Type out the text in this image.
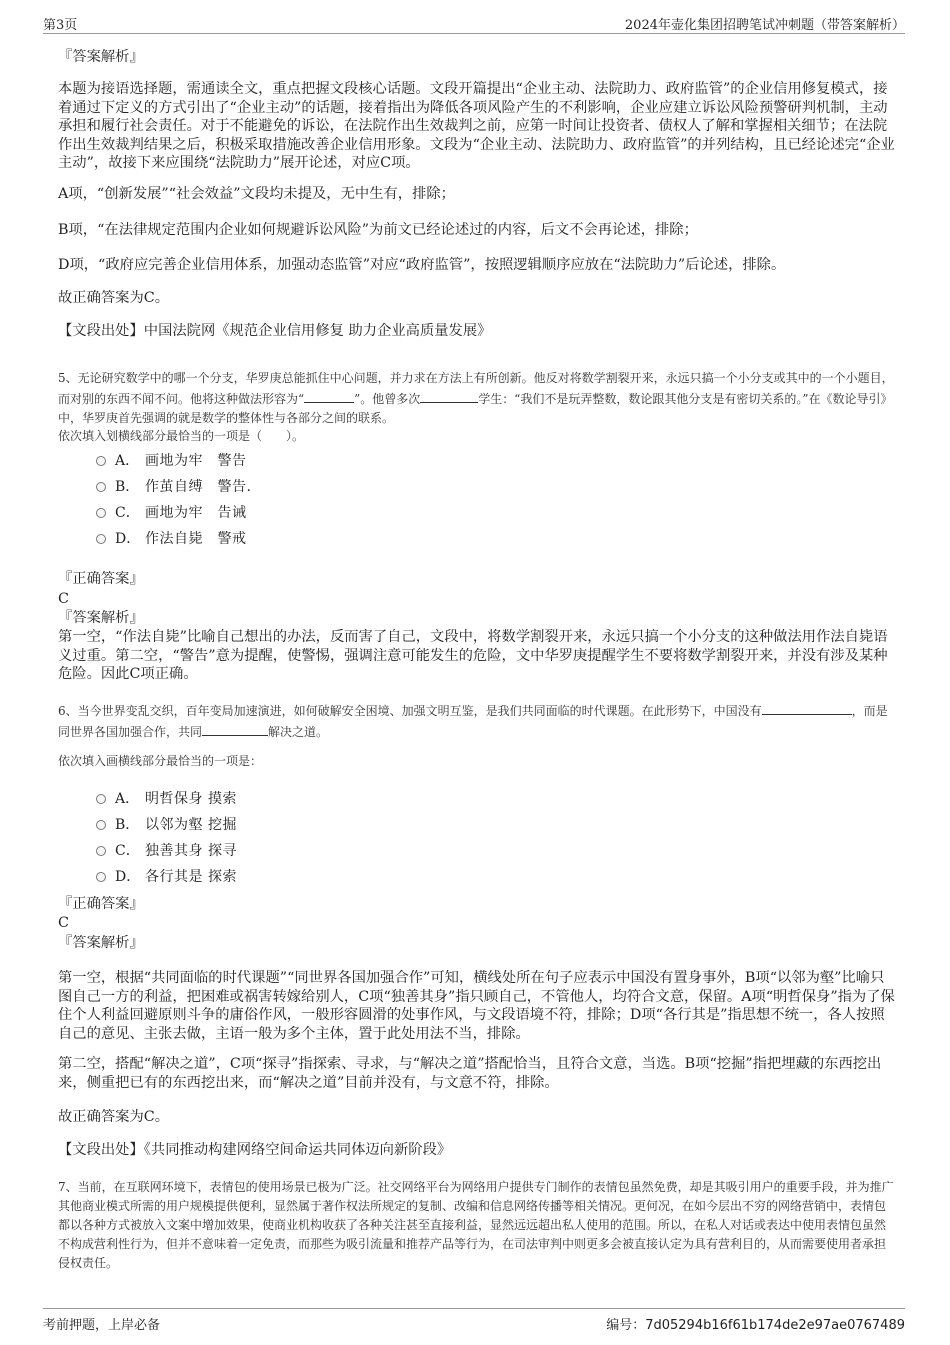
第3页	2024年壶化集团招聘笔试冲刺题（带答案解析）
『答案解析』
本题为接语选择题，需通读全文，重点把握文段核心话题。文段开篇提出“企业主动、法院助力、政府监管”的企业信用修复模式，接着通过下定义的方式引出了“企业主动”的话题，接着指出为降低各项风险产生的不利影响，企业应建立诉讼风险预警研判机制，主动承担和履行社会责任。对于不能避免的诉讼，在法院作出生效裁判之前，应第一时间让投资者、债权人了解和掌握相关细节；在法院作出生效裁判结果之后，积极采取措施改善企业信用形象。文段为“企业主动、法院助力、政府监管”的并列结构，且已经论述完“企业主动”，故接下来应围绕“法院助力”展开论述，对应C项。
A项，“创新发展”“社会效益”文段均未提及，无中生有，排除；
B项，“在法律规定范围内企业如何规避诉讼风险”为前文已经论述过的内容，后文不会再论述，排除；
D项，“政府应完善企业信用体系，加强动态监管”对应“政府监管”，按照逻辑顺序应放在“法院助力”后论述，排除。
故正确答案为C。
【文段出处】中国法院网《规范企业信用修复 助力企业高质量发展》
5、无论研究数学中的哪一个分支，华罗庚总能抓住中心问题，并力求在方法上有所创新。他反对将数学割裂开来，永远只搞一个小分支或其中的一个小题目，而对别的东西不闻不问。他将这种做法形容为“	”。他曾多次	学生：“我们不是玩弄整数，数论跟其他分支是有密切关系的。”在《数论导引》中，华罗庚首先强调的就是数学的整体性与各部分之间的联系。
依次填入划横线部分最恰当的一项是（　　）。
A． 画地为牢　警告
B． 作茧自缚　警告.
C． 画地为牢　告诫
D． 作法自毙　警戒
『正确答案』
C
『答案解析』
第一空，“作法自毙”比喻自己想出的办法，反而害了自己，文段中，将数学割裂开来，永远只搞一个小分支的这种做法用作法自毙语义过重。第二空，“警告”意为提醒，使警惕，强调注意可能发生的危险，文中华罗庚提醒学生不要将数学割裂开来，并没有涉及某种危险。因此C项正确。
6、当今世界变乱交织，百年变局加速演进，如何破解安全困境、加强文明互鉴，是我们共同面临的时代课题。在此形势下，中国没有	，而是同世界各国加强合作，共同	解决之道。
依次填入画横线部分最恰当的一项是：
A． 明哲保身 摸索
B． 以邻为壑 挖掘
C． 独善其身 探寻
D． 各行其是 探索
『正确答案』
C
『答案解析』
第一空，根据“共同面临的时代课题”“同世界各国加强合作”可知，横线处所在句子应表示中国没有置身事外，B项“以邻为壑”比喻只图自己一方的利益，把困难或祸害转嫁给别人，C项“独善其身”指只顾自己，不管他人，均符合文意，保留。A项“明哲保身”指为了保住个人利益回避原则斗争的庸俗作风，一般形容圆滑的处事作风，与文段语境不符，排除；D项“各行其是”指思想不统一，各人按照自己的意见、主张去做，主语一般为多个主体，置于此处用法不当，排除。
第二空，搭配“解决之道”，C项“探寻”指探索、寻求，与“解决之道”搭配恰当，且符合文意，当选。B项“挖掘”指把埋藏的东西挖出来，侧重把已有的东西挖出来，而“解决之道”目前并没有，与文意不符，排除。
故正确答案为C。
【文段出处】《共同推动构建网络空间命运共同体迈向新阶段》
7、当前，在互联网环境下，表情包的使用场景已极为广泛。社交网络平台为网络用户提供专门制作的表情包虽然免费，却是其吸引用户的重要手段，并为推广其他商业模式所需的用户规模提供便利，显然属于著作权法所规定的复制、改编和信息网络传播等相关情况。更何况，在如今层出不穷的网络营销中，表情包都以各种方式被放入文案中增加效果，使商业机构收获了各种关注甚至直接利益，显然远远超出私人使用的范围。所以，在私人对话或表达中使用表情包虽然不构成营利性行为，但并不意味着一定免责，而那些为吸引流量和推荐产品等行为，在司法审判中则更多会被直接认定为具有营利目的，从而需要使用者承担侵权责任。
考前押题，上岸必备	编号：7d05294b16f61b174de2e97ae0767489
